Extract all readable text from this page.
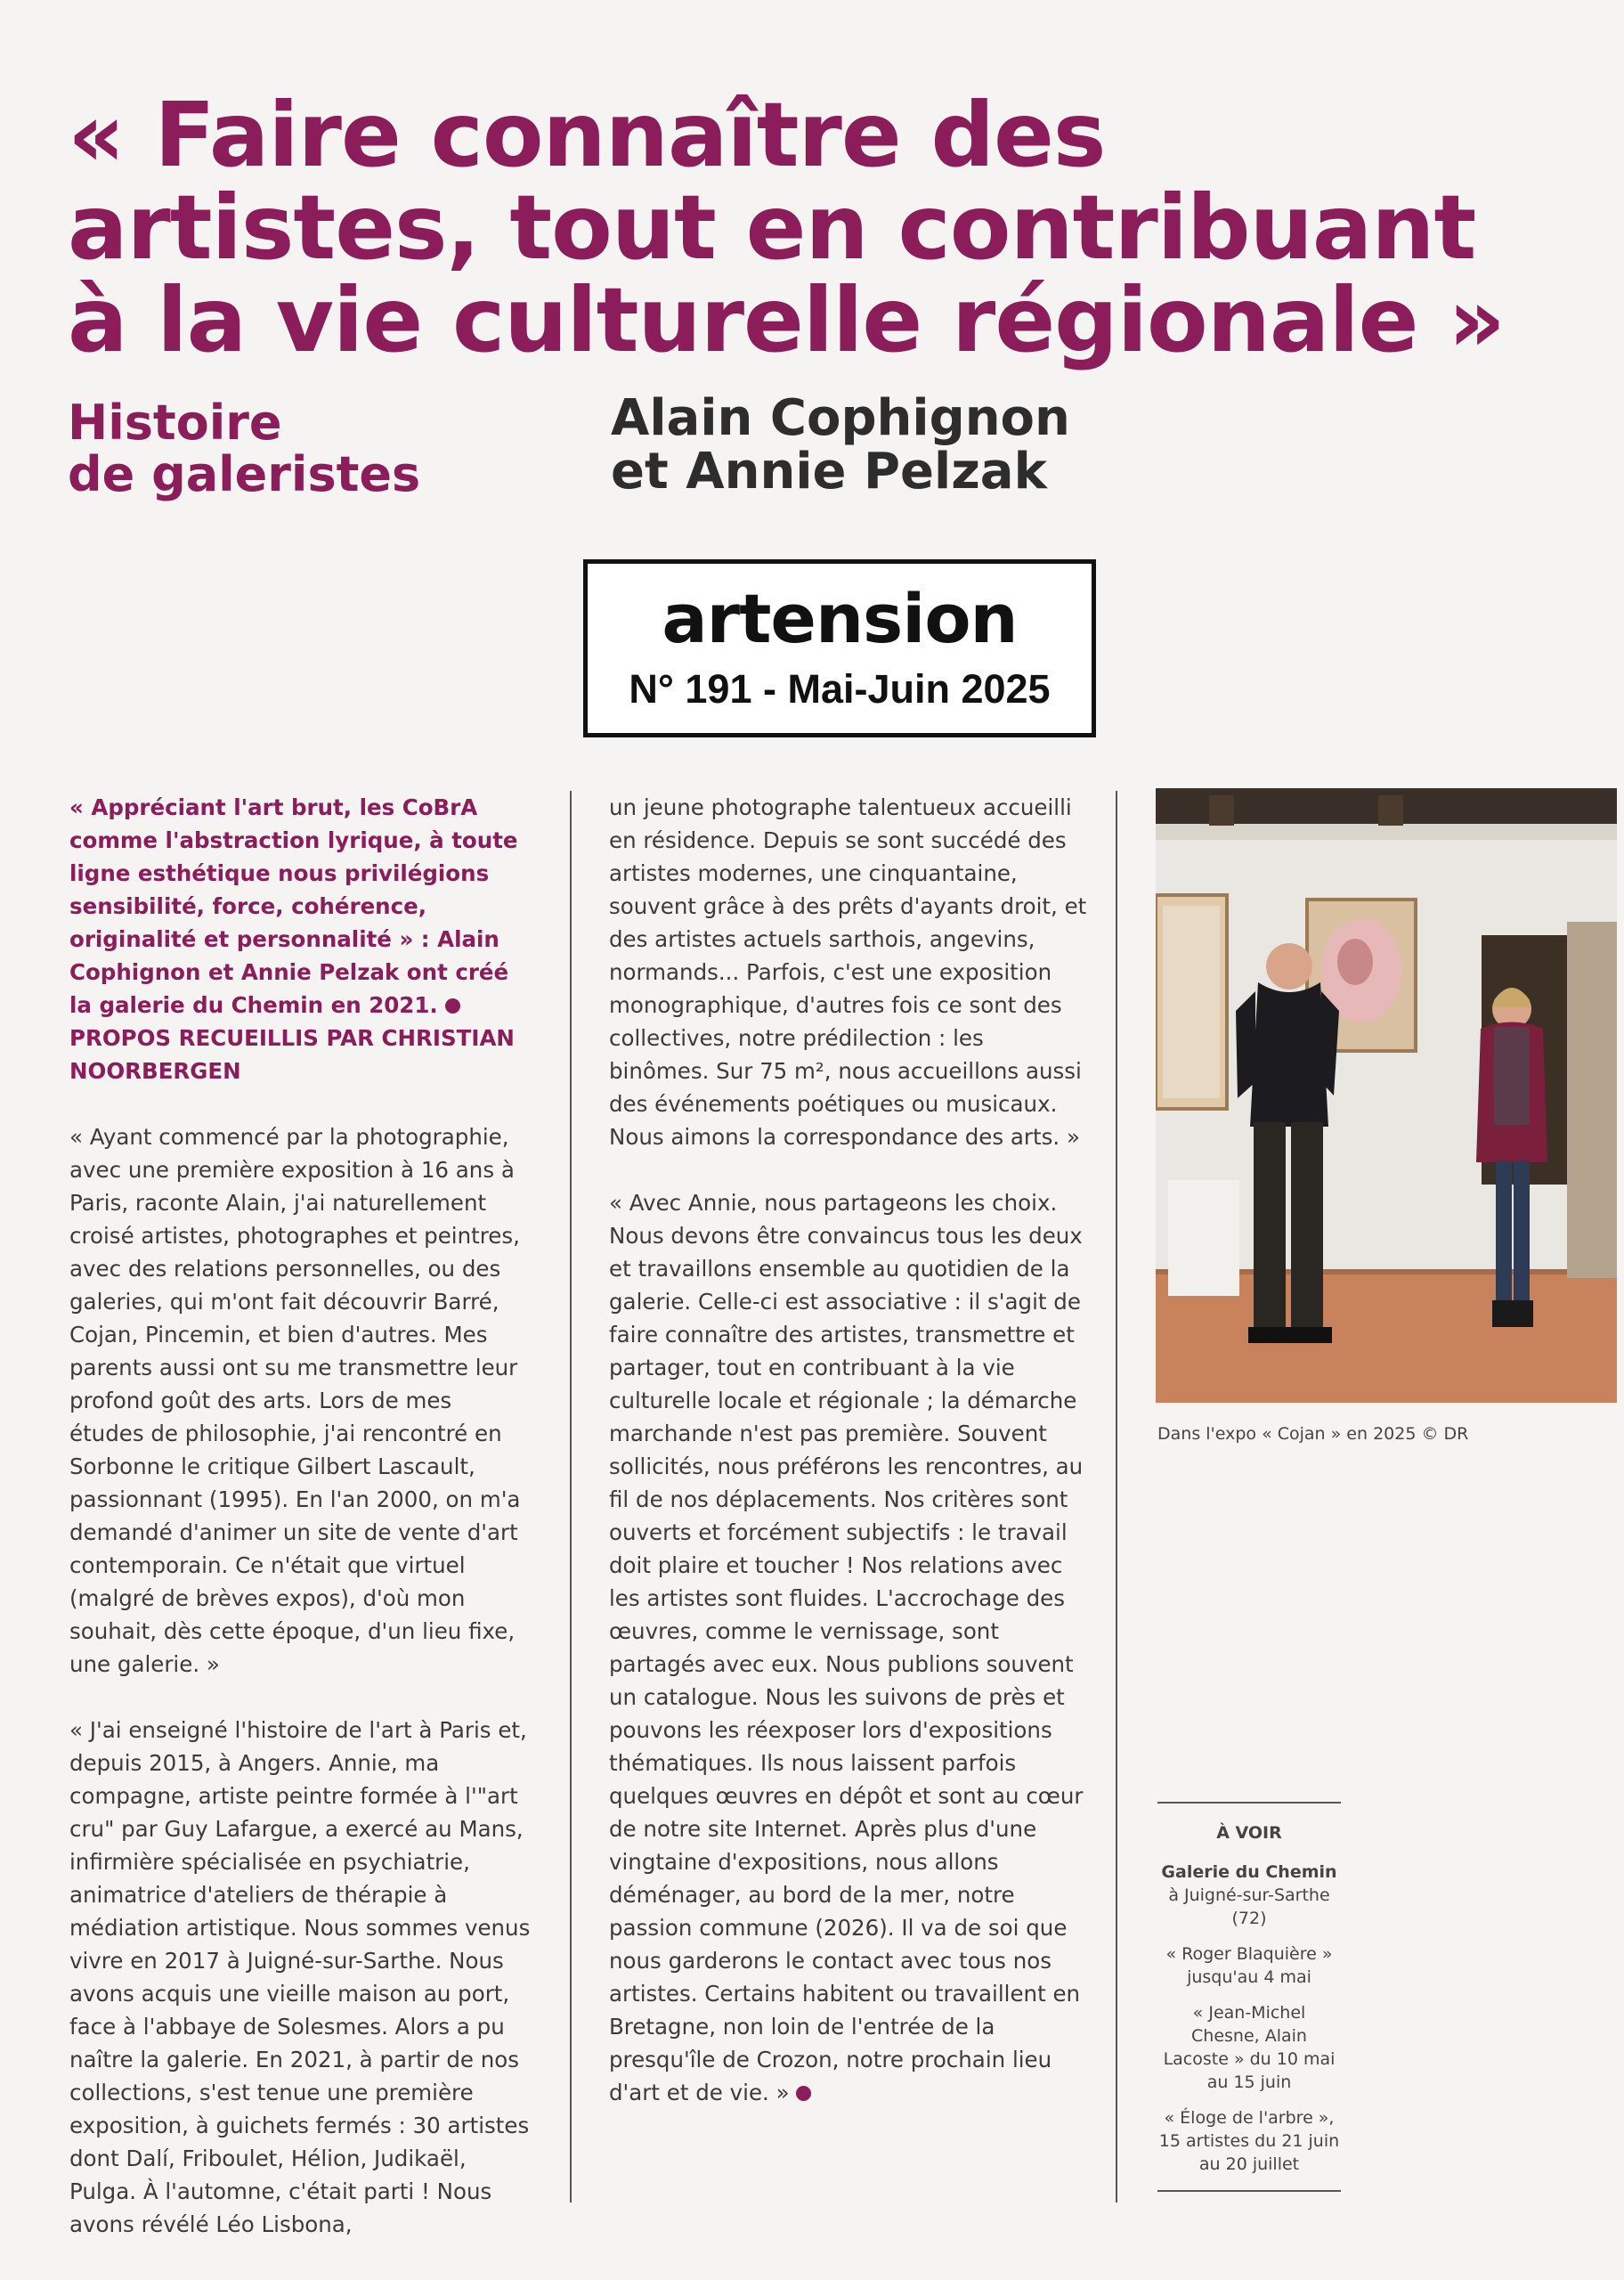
« Faire connaître des
artistes, tout en contribuant
à la vie culturelle régionale »
Histoire
de galeristes
Alain Cophignon
et Annie Pelzak
artension
N° 191 - Mai-Juin 2025

« Appréciant l'art brut, les CoBrA comme l'abstraction lyrique, à toute ligne esthétique nous privilégions sensibilité, force, cohérence, originalité et personnalité » : Alain Cophignon et Annie Pelzak ont créé la galerie du Chemin en 2021. PROPOS RECUEILLIS PAR CHRISTIAN NOORBERGEN

« Ayant commencé par la photographie, avec une première exposition à 16 ans à Paris, raconte Alain, j'ai naturellement croisé artistes, photographes et peintres, avec des relations personnelles, ou des galeries, qui m'ont fait découvrir Barré, Cojan, Pincemin, et bien d'autres. Mes parents aussi ont su me transmettre leur profond goût des arts. Lors de mes études de philosophie, j'ai rencontré en Sorbonne le critique Gilbert Lascault, passionnant (1995). En l'an 2000, on m'a demandé d'animer un site de vente d'art contemporain. Ce n'était que virtuel (malgré de brèves expos), d'où mon souhait, dès cette époque, d'un lieu fixe, une galerie. »

« J'ai enseigné l'histoire de l'art à Paris et, depuis 2015, à Angers. Annie, ma compagne, artiste peintre formée à l'"art cru" par Guy Lafargue, a exercé au Mans, infirmière spécialisée en psychiatrie, animatrice d'ateliers de thérapie à médiation artistique. Nous sommes venus vivre en 2017 à Juigné-sur-Sarthe. Nous avons acquis une vieille maison au port, face à l'abbaye de Solesmes. Alors a pu naître la galerie. En 2021, à partir de nos collections, s'est tenue une première exposition, à guichets fermés : 30 artistes dont Dalí, Friboulet, Hélion, Judikaël, Pulga. À l'automne, c'était parti ! Nous avons révélé Léo Lisbona,

un jeune photographe talentueux accueilli en résidence. Depuis se sont succédé des artistes modernes, une cinquantaine, souvent grâce à des prêts d'ayants droit, et des artistes actuels sarthois, angevins, normands... Parfois, c'est une exposition monographique, d'autres fois ce sont des collectives, notre prédilection : les binômes. Sur 75 m², nous accueillons aussi des événements poétiques ou musicaux. Nous aimons la correspondance des arts. »

« Avec Annie, nous partageons les choix. Nous devons être convaincus tous les deux et travaillons ensemble au quotidien de la galerie. Celle-ci est associative : il s'agit de faire connaître des artistes, transmettre et partager, tout en contribuant à la vie culturelle locale et régionale ; la démarche marchande n'est pas première. Souvent sollicités, nous préférons les rencontres, au fil de nos déplacements. Nos critères sont ouverts et forcément subjectifs : le travail doit plaire et toucher ! Nos relations avec les artistes sont fluides. L'accrochage des œuvres, comme le vernissage, sont partagés avec eux. Nous publions souvent un catalogue. Nous les suivons de près et pouvons les réexposer lors d'expositions thématiques. Ils nous laissent parfois quelques œuvres en dépôt et sont au cœur de notre site Internet. Après plus d'une vingtaine d'expositions, nous allons déménager, au bord de la mer, notre passion commune (2026). Il va de soi que nous garderons le contact avec tous nos artistes. Certains habitent ou travaillent en Bretagne, non loin de l'entrée de la presqu'île de Crozon, notre prochain lieu d'art et de vie. »

Dans l'expo « Cojan » en 2025 © DR
À VOIR
Galerie du Chemin
à Juigné-sur-Sarthe (72)
« Roger Blaquière » jusqu'au 4 mai
« Jean-Michel Chesne, Alain Lacoste » du 10 mai au 15 juin
« Éloge de l'arbre », 15 artistes du 21 juin au 20 juillet
